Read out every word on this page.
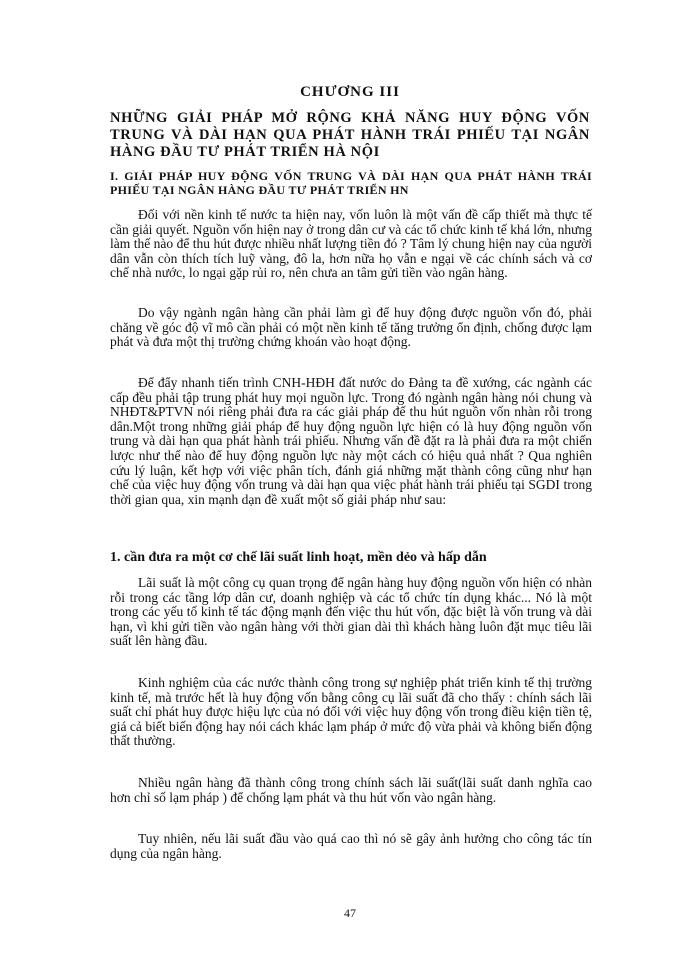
CHƯƠNG III

NHỮNG GIẢI PHÁP MỞ RỘNG KHẢ NĂNG HUY ĐỘNG VỐN TRUNG VÀ DÀI HẠN QUA PHÁT HÀNH TRÁI PHIẾU TẠI NGÂN HÀNG ĐẦU TƯ PHÁT TRIỂN HÀ NỘI

I. GIẢI PHÁP HUY ĐỘNG VỐN TRUNG VÀ DÀI HẠN QUA PHÁT HÀNH TRÁI PHIẾU TẠI NGÂN HÀNG ĐẦU TƯ PHÁT TRIỂN HN

Đối với nền kinh tế nước ta hiện nay, vốn luôn là một vấn đề cấp thiết mà thực tế cần giải quyết. Nguồn vốn hiện nay ở trong dân cư và các tổ chức kinh tế khá lớn, nhưng làm thế nào để thu hút được nhiều nhất lượng tiền đó ? Tâm lý chung hiện nay của người dân vẫn còn thích tích luỹ vàng, đô la, hơn nữa họ vẫn e ngại về các chính sách và cơ chế nhà nước, lo ngại gặp rủi ro, nên chưa an tâm gửi tiền vào ngân hàng.

Do vậy ngành ngân hàng cần phải làm gì để huy động được nguồn vốn đó, phải chăng về góc độ vĩ mô cần phải có một nền kinh tế tăng trưởng ổn định, chống được lạm phát và đưa một thị trường chứng khoán vào hoạt động.

Để đẩy nhanh tiến trình CNH-HĐH đất nước do Đảng ta đề xướng, các ngành các cấp đều phải tập trung phát huy mọi nguồn lực. Trong đó ngành ngân hàng nói chung và NHĐT&PTVN nói riêng phải đưa ra các giải pháp để thu hút nguồn vốn nhàn rỗi trong dân.Một trong những giải pháp để huy động nguồn lực hiện có là huy động nguồn vốn trung và dài hạn qua phát hành trái phiếu. Nhưng vấn đề đặt ra là phải đưa ra một chiến lược như thế nào để huy động nguồn lực này một cách có hiệu quả nhất ? Qua nghiên cứu lý luận, kết hợp với việc phân tích, đánh giá những mặt thành công cũng như hạn chế của việc huy động vốn trung và dài hạn qua việc phát hành trái phiếu tại SGDI trong thời gian qua, xin mạnh dạn đề xuất một số giải pháp như sau:

1. cần đưa ra một cơ chế lãi suất linh hoạt, mền dẻo và hấp dẫn

Lãi suất là một công cụ quan trọng để ngân hàng huy động nguồn vốn hiện có nhàn rỗi trong các tầng lớp dân cư, doanh nghiệp và các tổ chức tín dụng khác... Nó là một trong các yếu tố kinh tế tác động mạnh đến việc thu hút vốn, đặc biệt là vốn trung và dài hạn, vì khi gửi tiền vào ngân hàng với thời gian dài thì khách hàng luôn đặt mục tiêu lãi suất lên hàng đầu.

Kinh nghiệm của các nước thành công trong sự nghiệp phát triển kinh tế thị trường kinh tế, mà trước hết là huy động vốn bằng công cụ lãi suất đã cho thấy : chính sách lãi suất chỉ phát huy được hiệu lực của nó đối với việc huy động vốn trong điều kiện tiền tệ, giá cả biết biến động hay nói cách khác lạm pháp ở mức độ vừa phải và không biến động thất thường.

Nhiều ngân hàng đã thành công trong chính sách lãi suất(lãi suất danh nghĩa cao hơn chỉ số lạm pháp ) để chống lạm phát và thu hút vốn vào ngân hàng.

Tuy nhiên, nếu lãi suất đầu vào quá cao thì nó sẽ gây ảnh hưởng cho công tác tín dụng của ngân hàng.

47
